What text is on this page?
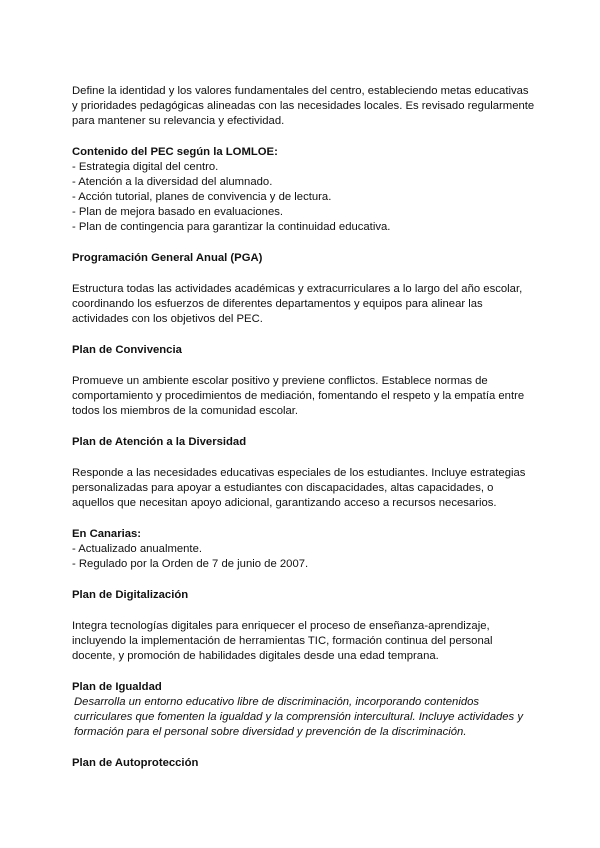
Define la identidad y los valores fundamentales del centro, estableciendo metas educativas
y prioridades pedagógicas alineadas con las necesidades locales. Es revisado regularmente
para mantener su relevancia y efectividad.
Contenido del PEC según la LOMLOE:
- Estrategia digital del centro.
- Atención a la diversidad del alumnado.
- Acción tutorial, planes de convivencia y de lectura.
- Plan de mejora basado en evaluaciones.
- Plan de contingencia para garantizar la continuidad educativa.
Programación General Anual (PGA)
Estructura todas las actividades académicas y extracurriculares a lo largo del año escolar,
coordinando los esfuerzos de diferentes departamentos y equipos para alinear las
actividades con los objetivos del PEC.
Plan de Convivencia
Promueve un ambiente escolar positivo y previene conflictos. Establece normas de
comportamiento y procedimientos de mediación, fomentando el respeto y la empatía entre
todos los miembros de la comunidad escolar.
Plan de Atención a la Diversidad
Responde a las necesidades educativas especiales de los estudiantes. Incluye estrategias
personalizadas para apoyar a estudiantes con discapacidades, altas capacidades, o
aquellos que necesitan apoyo adicional, garantizando acceso a recursos necesarios.
En Canarias:
- Actualizado anualmente.
- Regulado por la Orden de 7 de junio de 2007.
Plan de Digitalización
Integra tecnologías digitales para enriquecer el proceso de enseñanza-aprendizaje,
incluyendo la implementación de herramientas TIC, formación continua del personal
docente, y promoción de habilidades digitales desde una edad temprana.
Plan de Igualdad
Desarrolla un entorno educativo libre de discriminación, incorporando contenidos
curriculares que fomenten la igualdad y la comprensión intercultural. Incluye actividades y
formación para el personal sobre diversidad y prevención de la discriminación.
Plan de Autoprotección
